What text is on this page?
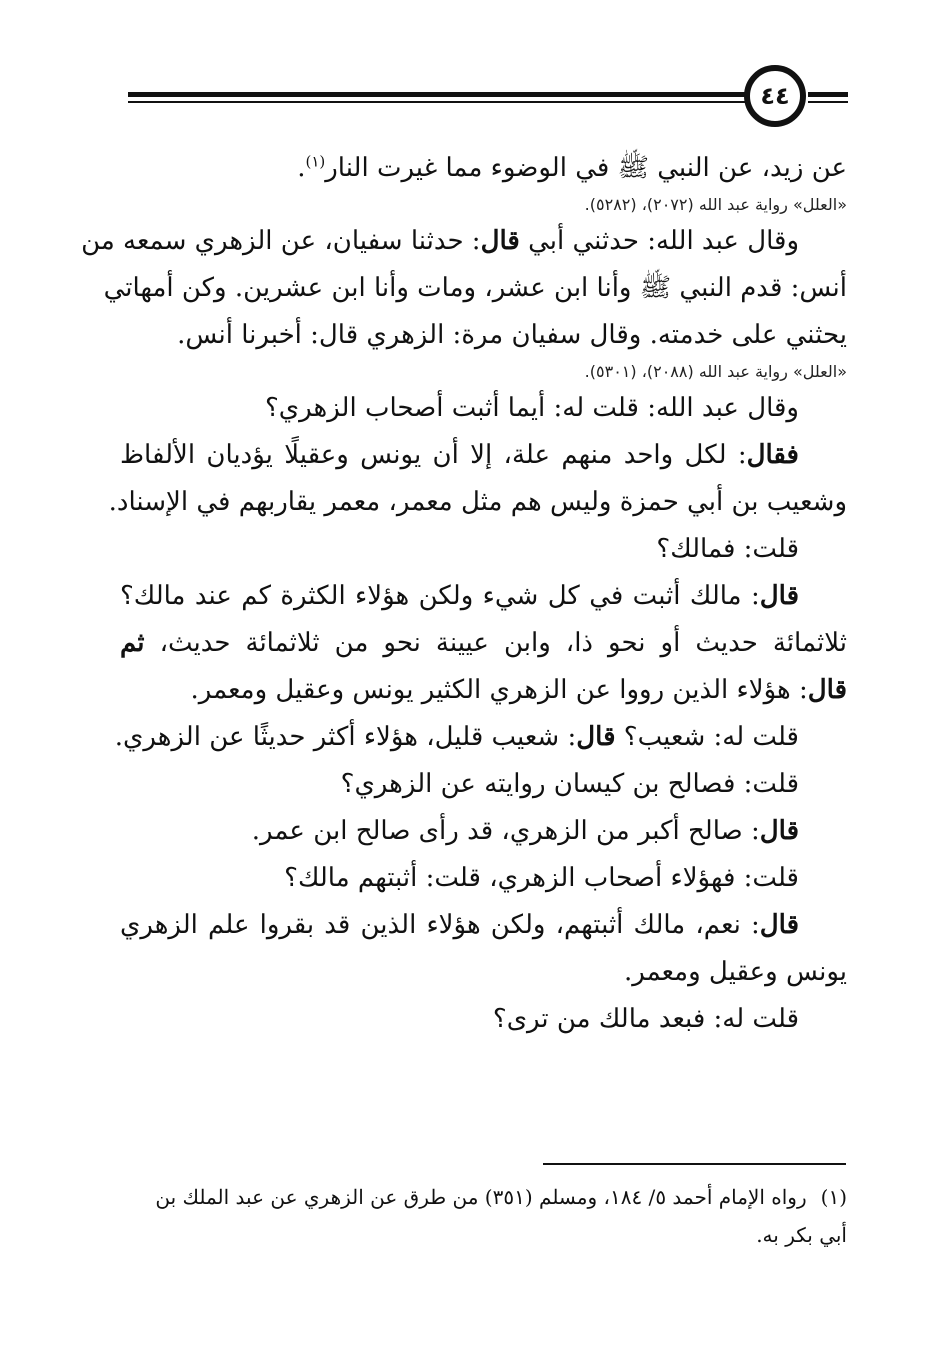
٤٤
عن زيد، عن النبي ﷺ في الوضوء مما غيرت النار$^{(١)}$.
«العلل» رواية عبد الله (٢٠٧٢)، (٥٢٨٢).
وقال عبد الله: حدثني أبي قال: حدثنا سفيان، عن الزهري سمعه من
أنس: قدم النبي ﷺ وأنا ابن عشر، ومات وأنا ابن عشرين. وكن أمهاتي
يحثني على خدمته. وقال سفيان مرة: الزهري قال: أخبرنا أنس.
«العلل» رواية عبد الله (٢٠٨٨)، (٥٣٠١).
وقال عبد الله: قلت له: أيما أثبت أصحاب الزهري؟
فقال: لكل واحد منهم علة، إلا أن يونس وعقيلًا يؤديان الألفاظ
وشعيب بن أبي حمزة وليس هم مثل معمر، معمر يقاربهم في الإسناد.
قلت: فمالك؟
قال: مالك أثبت في كل شيء ولكن هؤلاء الكثرة كم عند مالك؟
ثلاثمائة حديث أو نحو ذا، وابن عيينة نحو من ثلاثمائة حديث، ثم
قال: هؤلاء الذين رووا عن الزهري الكثير يونس وعقيل ومعمر.
قلت له: شعيب؟ قال: شعيب قليل، هؤلاء أكثر حديثًا عن الزهري.
قلت: فصالح بن كيسان روايته عن الزهري؟
قال: صالح أكبر من الزهري، قد رأى صالح ابن عمر.
قلت: فهؤلاء أصحاب الزهري، قلت: أثبتهم مالك؟
قال: نعم، مالك أثبتهم، ولكن هؤلاء الذين قد بقروا علم الزهري
يونس وعقيل ومعمر.
قلت له: فبعد مالك من ترى؟
(١)رواه الإمام أحمد ٥/ ١٨٤، ومسلم (٣٥١) من طرق عن الزهري عن عبد الملك بن
أبي بكر به.
